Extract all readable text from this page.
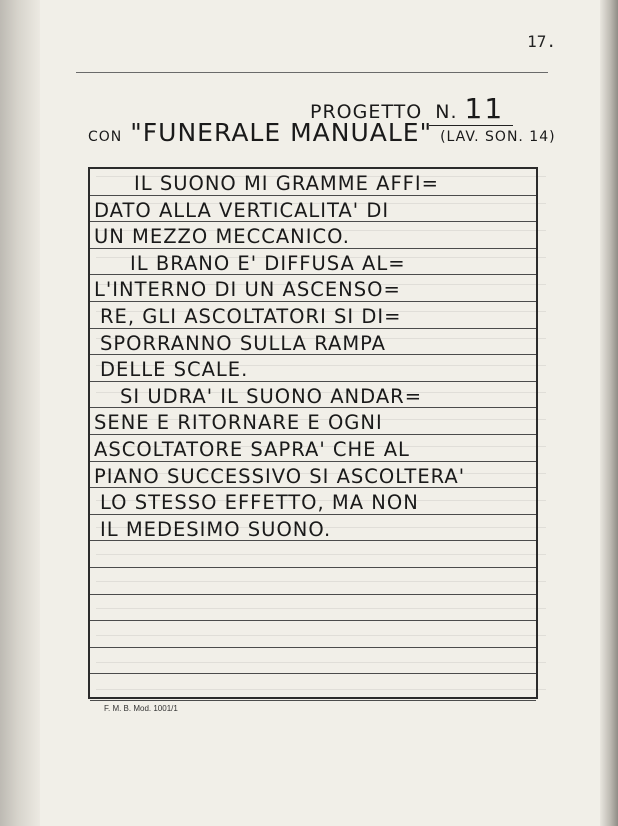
17.
PROGETTO N. 11
CON "FUNERALE MANUALE" (LAV. SON. 14)
IL SUONO MI GRAMME AFFI=
DATO ALLA VERTICALITA' DI
UN MEZZO MECCANICO.
IL BRANO E' DIFFUSA AL=
L'INTERNO DI UN ASCENSO=
RE, GLI ASCOLTATORI SI DI=
SPORRANNO SULLA RAMPA
DELLE SCALE.
SI UDRA' IL SUONO ANDAR=
SENE E RITORNARE E OGNI
ASCOLTATORE SAPRA' CHE AL
PIANO SUCCESSIVO SI ASCOLTERA'
LO STESSO EFFETTO, MA NON
IL MEDESIMO SUONO.
F. M. B. Mod. 1001/1
